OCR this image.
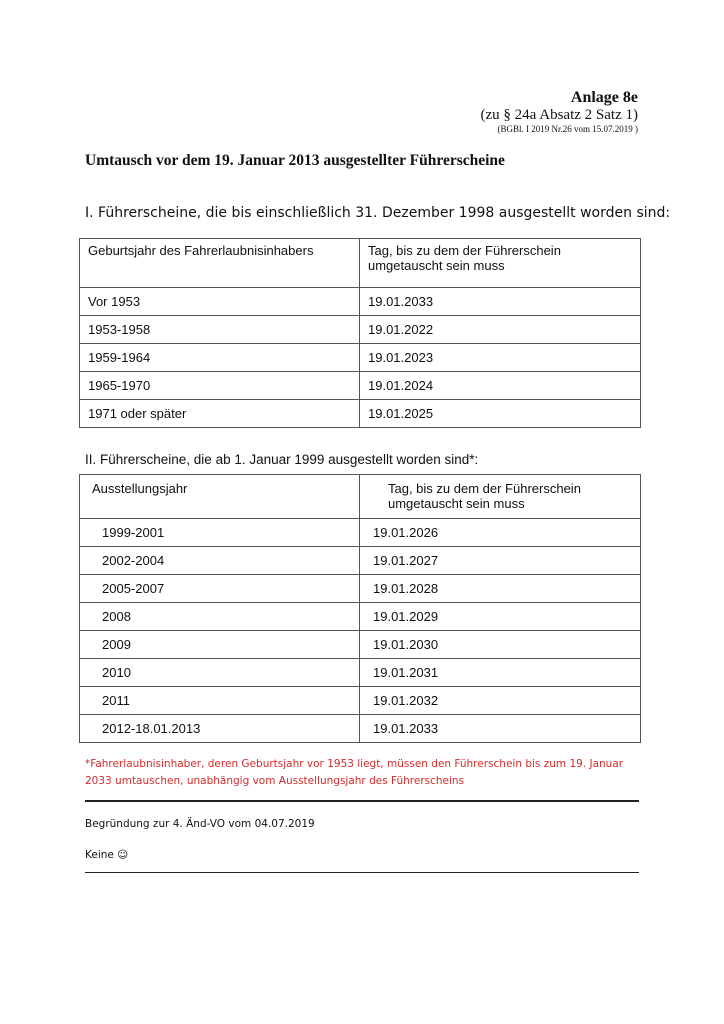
Anlage 8e
(zu § 24a Absatz 2 Satz 1)
(BGBl. I 2019 Nr.26 vom 15.07.2019 )
Umtausch vor dem 19. Januar 2013 ausgestellter Führerscheine
I. Führerscheine, die bis einschließlich 31. Dezember 1998 ausgestellt worden sind:
Geburtsjahr des Fahrerlaubnisinhabers	Tag, bis zu dem der Führerschein umgetauscht sein muss

Vor 1953	19.01.2033

1953-1958	19.01.2022

1959-1964	19.01.2023

1965-1970	19.01.2024

1971 oder später	19.01.2025
II. Führerscheine, die ab 1. Januar 1999 ausgestellt worden sind*:
Ausstellungsjahr	Tag, bis zu dem der Führerschein umgetauscht sein muss

1999-2001	19.01.2026

2002-2004	19.01.2027

2005-2007	19.01.2028

2008	19.01.2029

2009	19.01.2030

2010	19.01.2031

2011	19.01.2032

2012-18.01.2013	19.01.2033
*Fahrerlaubnisinhaber, deren Geburtsjahr vor 1953 liegt, müssen den Führerschein bis zum 19. Januar 2033 umtauschen, unabhängig vom Ausstellungsjahr des Führerscheins
Begründung zur 4. Änd-VO vom 04.07.2019
Keine ☺
